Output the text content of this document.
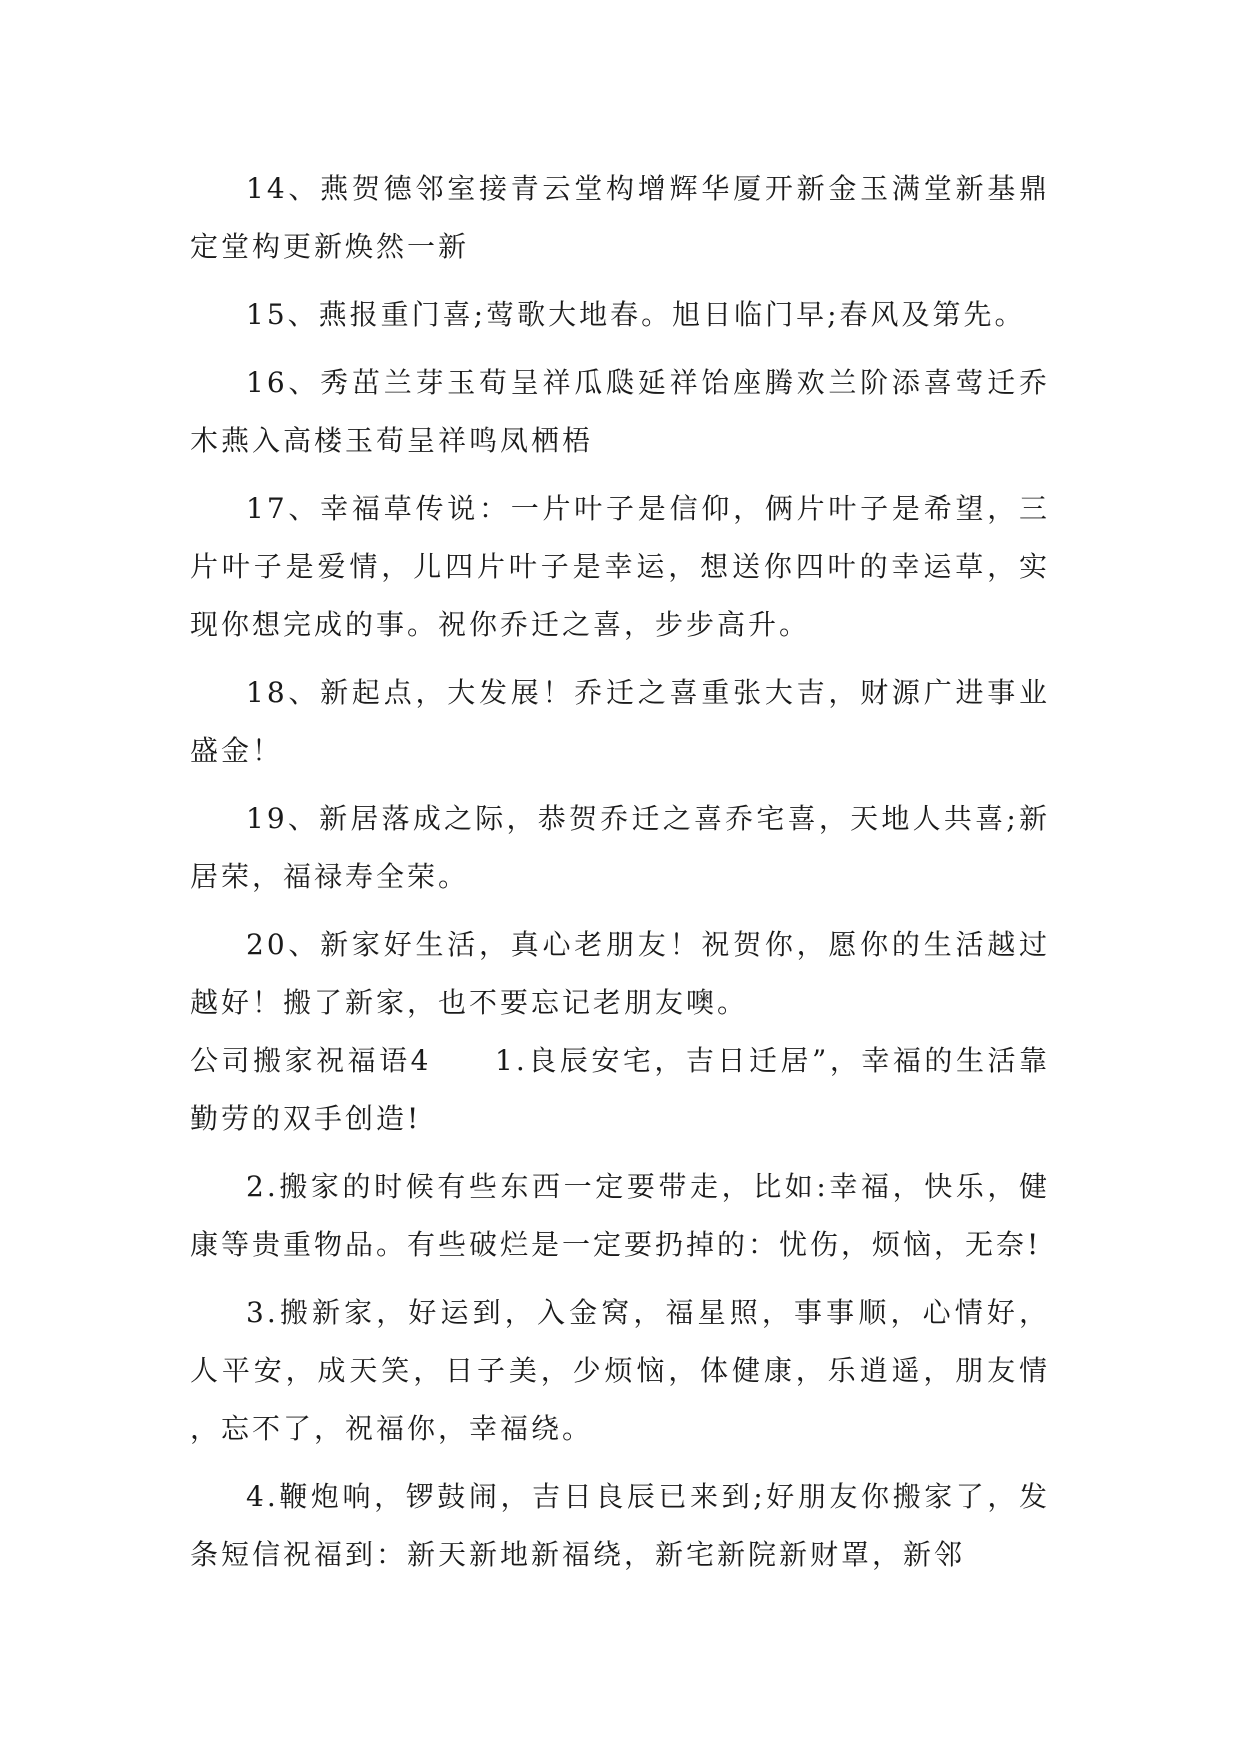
14、燕贺德邻室接青云堂构增辉华厦开新金玉满堂新基鼎定堂构更新焕然一新

15、燕报重门喜;莺歌大地春。旭日临门早;春风及第先。

16、秀茁兰芽玉荀呈祥瓜瓞延祥饴座腾欢兰阶添喜莺迁乔木燕入高楼玉荀呈祥鸣凤栖梧

17、幸福草传说：一片叶子是信仰，俩片叶子是希望，三片叶子是爱情，儿四片叶子是幸运，想送你四叶的幸运草，实现你想完成的事。祝你乔迁之喜，步步高升。

18、新起点，大发展！乔迁之喜重张大吉，财源广进事业盛金！

19、新居落成之际，恭贺乔迁之喜乔宅喜，天地人共喜;新居荣，福禄寿全荣。

20、新家好生活，真心老朋友！祝贺你，愿你的生活越过越好！搬了新家，也不要忘记老朋友噢。

公司搬家祝福语4　　1.良辰安宅，吉日迁居”，幸福的生活靠勤劳的双手创造!

2.搬家的时候有些东西一定要带走，比如:幸福，快乐，健康等贵重物品。有些破烂是一定要扔掉的：忧伤，烦恼，无奈!

3.搬新家，好运到，入金窝，福星照，事事顺，心情好，人平安，成天笑，日子美，少烦恼，体健康，乐逍遥，朋友情，忘不了，祝福你，幸福绕。

4.鞭炮响，锣鼓闹，吉日良辰已来到;好朋友你搬家了，发条短信祝福到：新天新地新福绕，新宅新院新财罩，新邻
